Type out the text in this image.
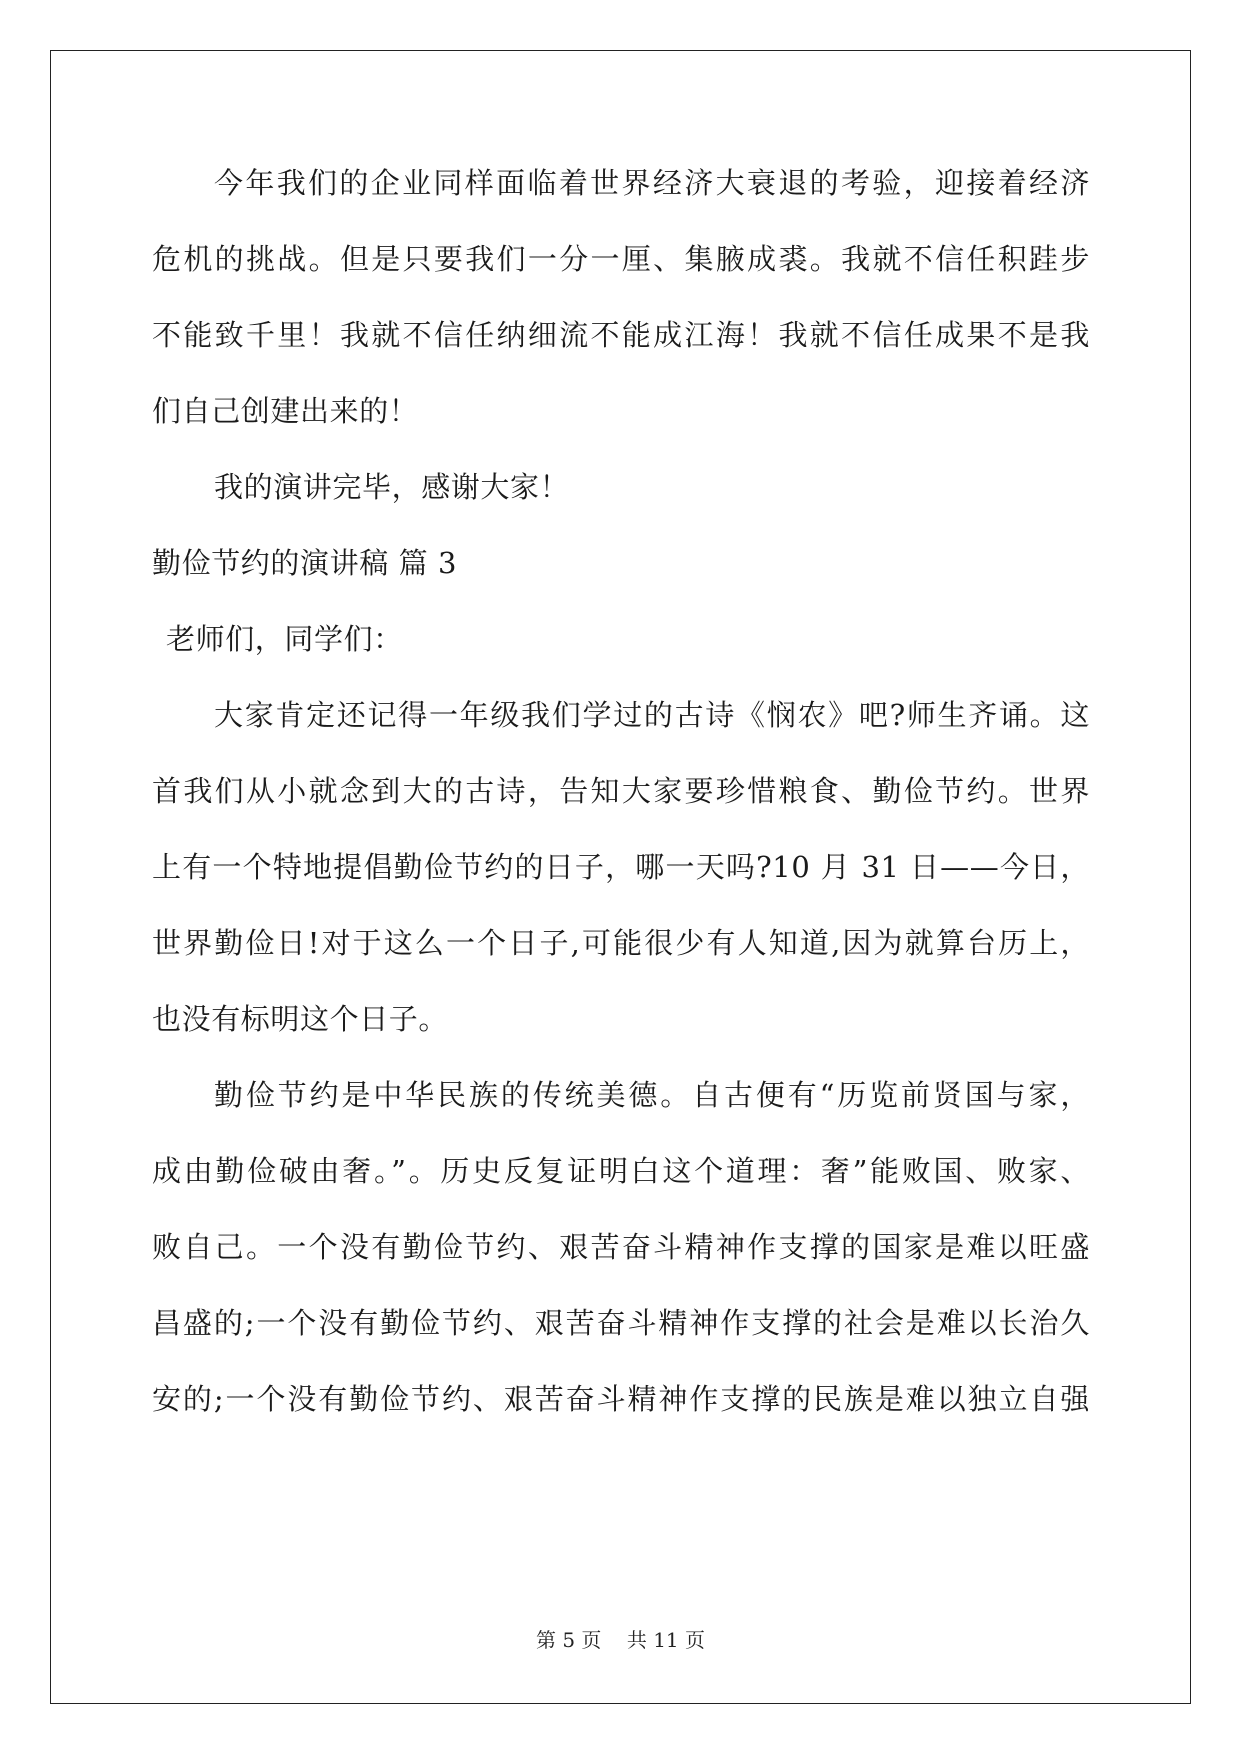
今年我们的企业同样面临着世界经济大衰退的考验，迎接着经济
危机的挑战。但是只要我们一分一厘、集腋成裘。我就不信任积跬步
不能致千里！我就不信任纳细流不能成江海！我就不信任成果不是我
们自己创建出来的！
我的演讲完毕，感谢大家！
勤俭节约的演讲稿 篇 3
老师们，同学们：
大家肯定还记得一年级我们学过的古诗《悯农》吧?师生齐诵。这
首我们从小就念到大的古诗，告知大家要珍惜粮食、勤俭节约。世界
上有一个特地提倡勤俭节约的日子，哪一天吗?10 月 31 日——今日，
世界勤俭日!对于这么一个日子,可能很少有人知道,因为就算台历上，
也没有标明这个日子。
勤俭节约是中华民族的传统美德。自古便有“历览前贤国与家，
成由勤俭破由奢。”。历史反复证明白这个道理：奢”能败国、败家、
败自己。一个没有勤俭节约、艰苦奋斗精神作支撑的国家是难以旺盛
昌盛的;一个没有勤俭节约、艰苦奋斗精神作支撑的社会是难以长治久
安的;一个没有勤俭节约、艰苦奋斗精神作支撑的民族是难以独立自强
第 5 页    共 11 页
